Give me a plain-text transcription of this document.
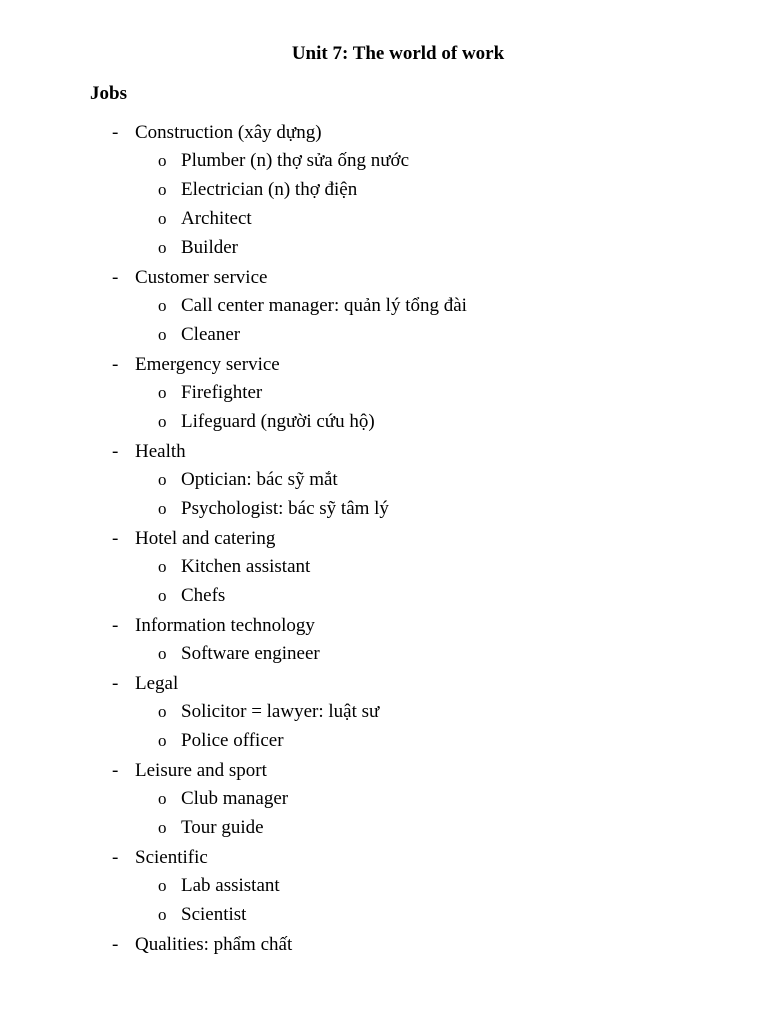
Unit 7: The world of work
Jobs
- Construction (xây dựng)
o Plumber (n) thợ sửa ống nước
o Electrician (n) thợ điện
o Architect
o Builder
- Customer service
o Call center manager: quản lý tổng đài
o Cleaner
- Emergency service
o Firefighter
o Lifeguard (người cứu hộ)
- Health
o Optician: bác sỹ mắt
o Psychologist: bác sỹ tâm lý
- Hotel and catering
o Kitchen assistant
o Chefs
- Information technology
o Software engineer
- Legal
o Solicitor = lawyer: luật sư
o Police officer
- Leisure and sport
o Club manager
o Tour guide
- Scientific
o Lab assistant
o Scientist
- Qualities: phẩm chất
